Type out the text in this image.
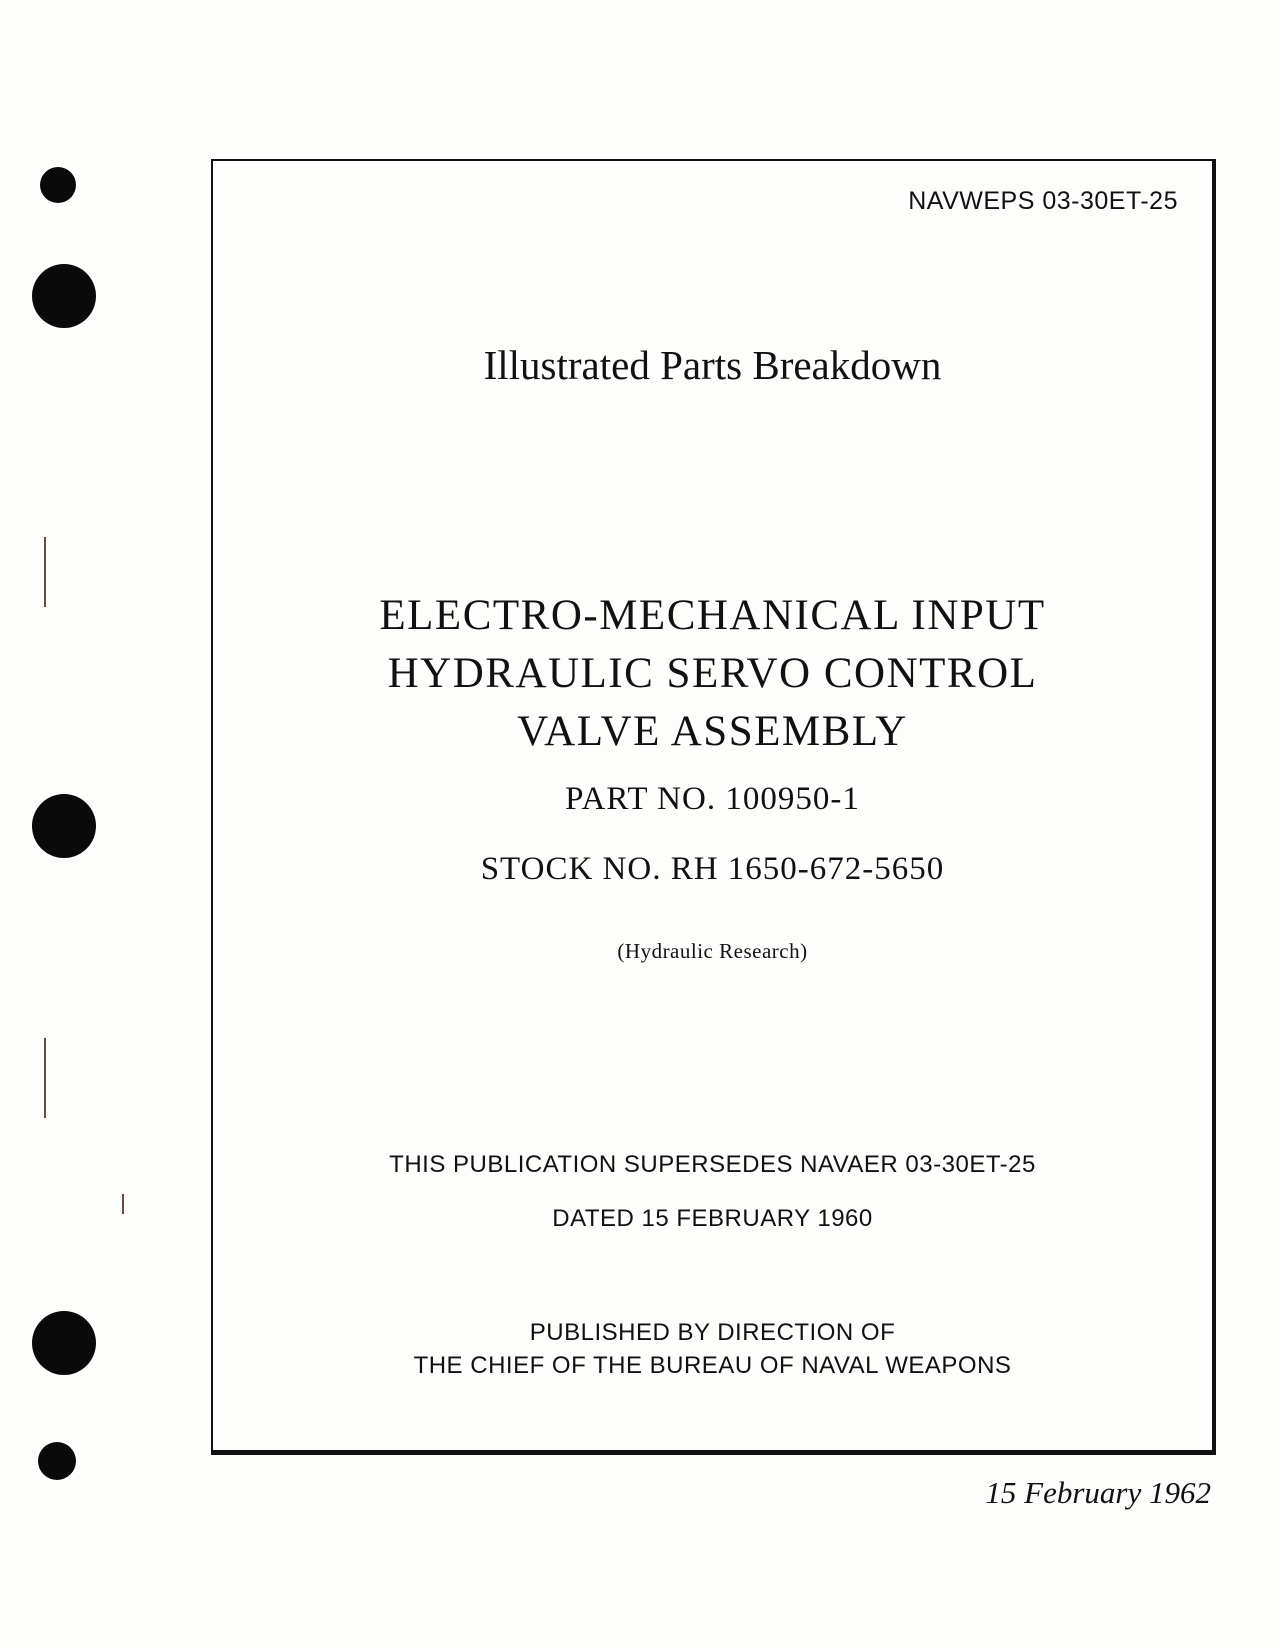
NAVWEPS 03-30ET-25
Illustrated Parts Breakdown
ELECTRO-MECHANICAL INPUT
HYDRAULIC SERVO CONTROL
VALVE ASSEMBLY
PART NO. 100950-1
STOCK NO. RH 1650-672-5650
(Hydraulic Research)
THIS PUBLICATION SUPERSEDES NAVAER 03-30ET-25
DATED 15 FEBRUARY 1960
PUBLISHED BY DIRECTION OF
THE CHIEF OF THE BUREAU OF NAVAL WEAPONS
15 February 1962
